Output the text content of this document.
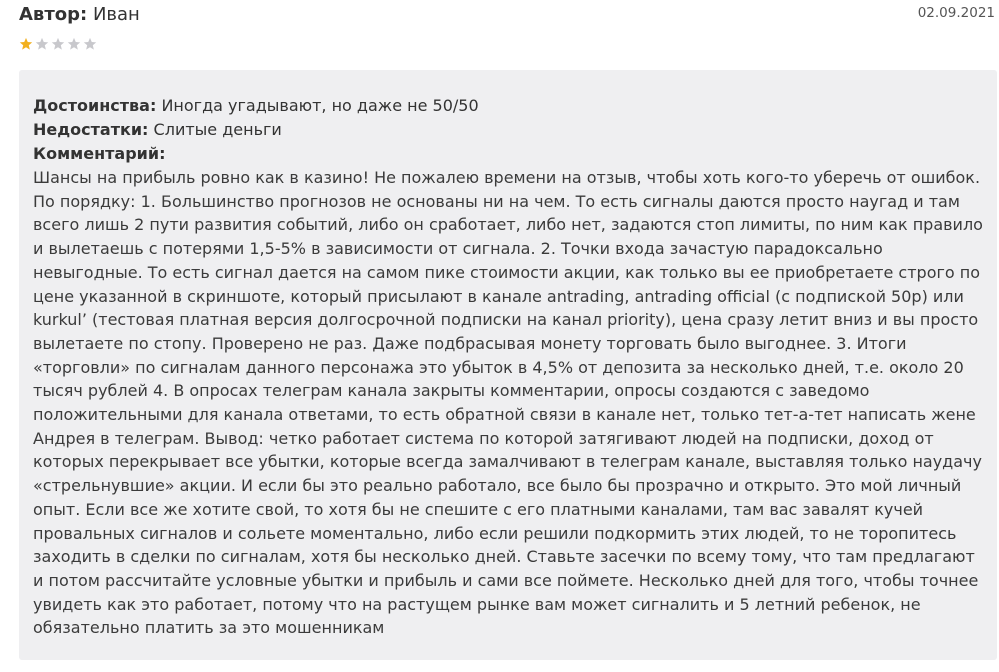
Автор: Иван	02.09.2021
Достоинства: Иногда угадывают, но даже не 50/50
Недостатки: Слитые деньги
Комментарий:
Шансы на прибыль ровно как в казино! Не пожалею времени на отзыв, чтобы хоть кого-то уберечь от ошибок. По порядку: 1. Большинство прогнозов не основаны ни на чем. То есть сигналы даются просто наугад и там всего лишь 2 пути развития событий, либо он сработает, либо нет, задаются стоп лимиты, по ним как правило и вылетаешь с потерями 1,5-5% в зависимости от сигнала. 2. Точки входа зачастую парадоксально невыгодные. То есть сигнал дается на самом пике стоимости акции, как только вы ее приобретаете строго по цене указанной в скриншоте, который присылают в канале antrading, antrading official (с подпиской 50р) или kurkul’ (тестовая платная версия долгосрочной подписки на канал priority), цена сразу летит вниз и вы просто вылетаете по стопу. Проверено не раз. Даже подбрасывая монету торговать было выгоднее. 3. Итоги «торговли» по сигналам данного персонажа это убыток в 4,5% от депозита за несколько дней, т.е. около 20 тысяч рублей 4. В опросах телеграм канала закрыты комментарии, опросы создаются с заведомо положительными для канала ответами, то есть обратной связи в канале нет, только тет-а-тет написать жене Андрея в телеграм. Вывод: четко работает система по которой затягивают людей на подписки, доход от которых перекрывает все убытки, которые всегда замалчивают в телеграм канале, выставляя только наудачу «стрельнувшие» акции. И если бы это реально работало, все было бы прозрачно и открыто. Это мой личный опыт. Если все же хотите свой, то хотя бы не спешите с его платными каналами, там вас завалят кучей провальных сигналов и сольете моментально, либо если решили подкормить этих людей, то не торопитесь заходить в сделки по сигналам, хотя бы несколько дней. Ставьте засечки по всему тому, что там предлагают и потом рассчитайте условные убытки и прибыль и сами все поймете. Несколько дней для того, чтобы точнее увидеть как это работает, потому что на растущем рынке вам может сигналить и 5 летний ребенок, не обязательно платить за это мошенникам
